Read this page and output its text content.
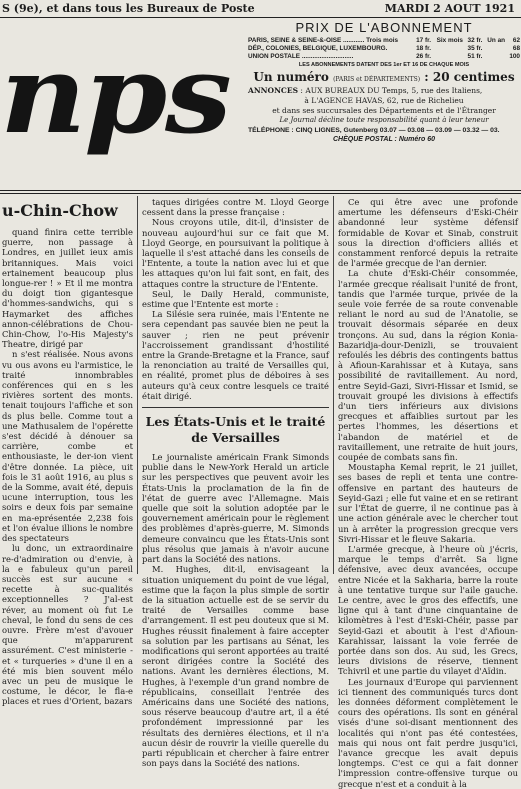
S (9e), et dans tous les Bureaux de Poste	MARDI 2 AOUT 1921
nps
PRIX DE L'ABONNEMENT
PARIS, SEINE & SEINE-&-OISE ............ Trois mois	17 fr.	Six mois	32 fr.	Un an	62
DÉP., COLONIES, BELGIQUE, LUXEMBOURG.	18 fr.		35 fr.		68
UNION POSTALE .............................	26 fr.		51 fr.		100
LES ABONNEMENTS DATENT DES 1er ET 16 DE CHAQUE MOIS
Un numéro (PARIS et DÉPARTEMENTS) : 20 centimes
ANNONCES : AUX BUREAUX DU Temps, 5, rue des Italiens,
à L'AGENCE HAVAS, 62, rue de Richelieu
et dans ses succursales des Départements et de l'Étranger
Le Journal décline toute responsabilité quant à leur teneur
TÉLÉPHONE : CINQ LIGNES, Gutenberg 03.07 — 03.08 — 03.09 — 03.32 — 03.
CHÈQUE POSTAL : Numéro 60
u-Chin-Chow

quand finira cette terrible guerre, non passage à Londres, en juillet ieux amis britanniques. Mais voici ertainement beaucoup plus longue-rer ! » Et il me montra du doigt tion gigantesque d'hommes-sandwichs, qui s Haymarket des affiches annon-célébrations de Chou-Chin-Chow, l'o-His Majesty's Theatre, dirigé par

n s'est réalisée. Nous avons vu ous avons eu l'armistice, le traité innombrables conférences qui en s les rivières sortent des monts. tenait toujours l'affiche et son ds plus belle. Comme tout a une Mathusalem de l'opérette s'est décidé à dénouer sa carrière, combe et enthousiaste, le der-ion vient d'être donnée. La pièce, uit fois le 31 août 1916, au plus s de la Somme, avait été, depuis ucune interruption, tous les soirs e deux fois par semaine en ma-eprésentée 2,238 fois et l'on évalue illions le nombre des spectateurs

lu donc, un extraordinaire re-d'admiration ou d'envie, à la e fabuleux qu'un pareil succès est sur aucune « recette à suc-qualités exceptionnelles ? J'al-est réver, au moment où fut Le cheval, le fond du sens de ces ouvre. Frère m'est d'avouer que m'apparurent assurément. C'est ministerie - et « turqueries » d'une il en a été mis bien souvent mélo avec un peu de musique le costume, le décor, le fla-e places et rues d'Orient, bazars

taques dirigées contre M. Lloyd George cessent dans la presse française :

Nous croyons utile, dit-il, d'insister de nouveau aujourd'hui sur ce fait que M. Lloyd George, en poursuivant la politique à laquelle il s'est attaché dans les conseils de l'Entente, a toute la nation avec lui et que les attaques qu'on lui fait sont, en fait, des attaques contre la structure de l'Entente.

Seul, le Daily Herald, communiste, estime que l'Entente est morte :

La Silésie sera ruinée, mais l'Entente ne sera cependant pas sauvée bien ne peut la sauver ; rien ne peut prévenir l'accroissement grandissant d'hostilité entre la Grande-Bretagne et la France, sauf la renonciation au traité de Versailles qui, en réalité, promet plus de déboires à ses auteurs qu'à ceux contre lesquels ce traité était dirigé.

Les États-Unis et le traité de Versailles

Le journaliste américain Frank Simonds publie dans le New-York Herald un article sur les perspectives que peuvent avoir les États-Unis la proclamation de la fin de l'état de guerre avec l'Allemagne. Mais quelle que soit la solution adoptée par le gouvernement américain pour le règlement des problèmes d'après-guerre, M. Simonds demeure convaincu que les États-Unis sont plus résolus que jamais à n'avoir aucune part dans la Société des nations.

M. Hughes, dit-il, envisageant la situation uniquement du point de vue légal, estime que la façon la plus simple de sortir de la situation actuelle est de se servir du traité de Versailles comme base d'arrangement. Il est peu douteux que si M. Hughes réussit finalement à faire accepter sa solution par les partisans au Sénat, les modifications qui seront apportées au traité seront dirigées contre la Société des nations. Avant les dernières élections, M. Hughes, à l'exemple d'un grand nombre de républicains, conseillait l'entrée des Américains dans une Société des nations, sous réserve beaucoup d'autre art, il a été profondément impressionné par les résultats des dernières élections, et il n'a aucun désir de rouvrir la vieille querelle du parti républicain et chercher à faire entrer son pays dans la Société des nations.

Ce qui être avec une profonde amertume les défenseurs d'Eski-Chéir abandonné leur système défensif formidable de Kovar et Sinab, construit sous la direction d'officiers alliés et constamment renforcé depuis la retraite de l'armée grecque de l'an dernier.

La chute d'Eski-Chéir consommée, l'armée grecque réalisait l'unité de front, tandis que l'armée turque, privée de la seule voie ferrée de sa route convenable reliant le nord au sud de l'Anatolie, se trouvait désormais séparée en deux tronçons. Au sud, dans la région Konia-Bazaridja-dour-Denizli, se trouvaient refoulés les débris des contingents battus à Afioun-Karahissar et à Kutaya, sans possibilité de ravitaillement. Au nord, entre Seyid-Gazi, Sivri-Hissar et Ismid, se trouvait groupé les divisions à effectifs d'un tiers inférieurs aux divisions grecques et affaiblies surtout par les pertes l'hommes, les désertions et l'abandon de matériel et de ravitaillement, une retraite de huit jours, coupée de combats sans fin.

Moustapha Kemal reprit, le 21 juillet, ses bases de repli et tenta une contre-offensive en partant des hauteurs de Seyid-Gazi ; elle fut vaine et en se retirant sur l'État de guerre, il ne continue pas à une action générale avec le chercher tout un à arrêter la progression grecque vers Sivri-Hissar et le fleuve Sakaria.

L'armée grecque, à l'heure où j'écris, marque le temps d'arrêt. Sa ligne défensive, avec deux avancées, occupe entre Nicée et la Sakharia, barre la route à une tentative turque sur l'aile gauche. Le centre, avec le gros des effectifs, une ligne qui à tant d'une cinquantaine de kilomètres à l'est d'Eski-Chéir, passe par Seyid-Gazi et aboutit à l'est d'Afioun-Karahissar, laissant la voie ferrée de portée dans son dos. Au sud, les Grecs, leurs divisions de réserve, tiennent Tchivril et une partie du vilayet d'Aïdin.

Les journaux d'Europe qui parviennent ici tiennent des communiqués turcs dont les données déforment complètement le cours des opérations. Ils sont en général visés d'une soi-disant mentionnent des localités qui n'ont pas été contestées, mais qui nous ont fait perdre jusqu'ici, l'avance grecque les avait depuis longtemps. C'est ce qui a fait donner l'impression contre-offensive turque ou grecque n'est et a conduit à la
